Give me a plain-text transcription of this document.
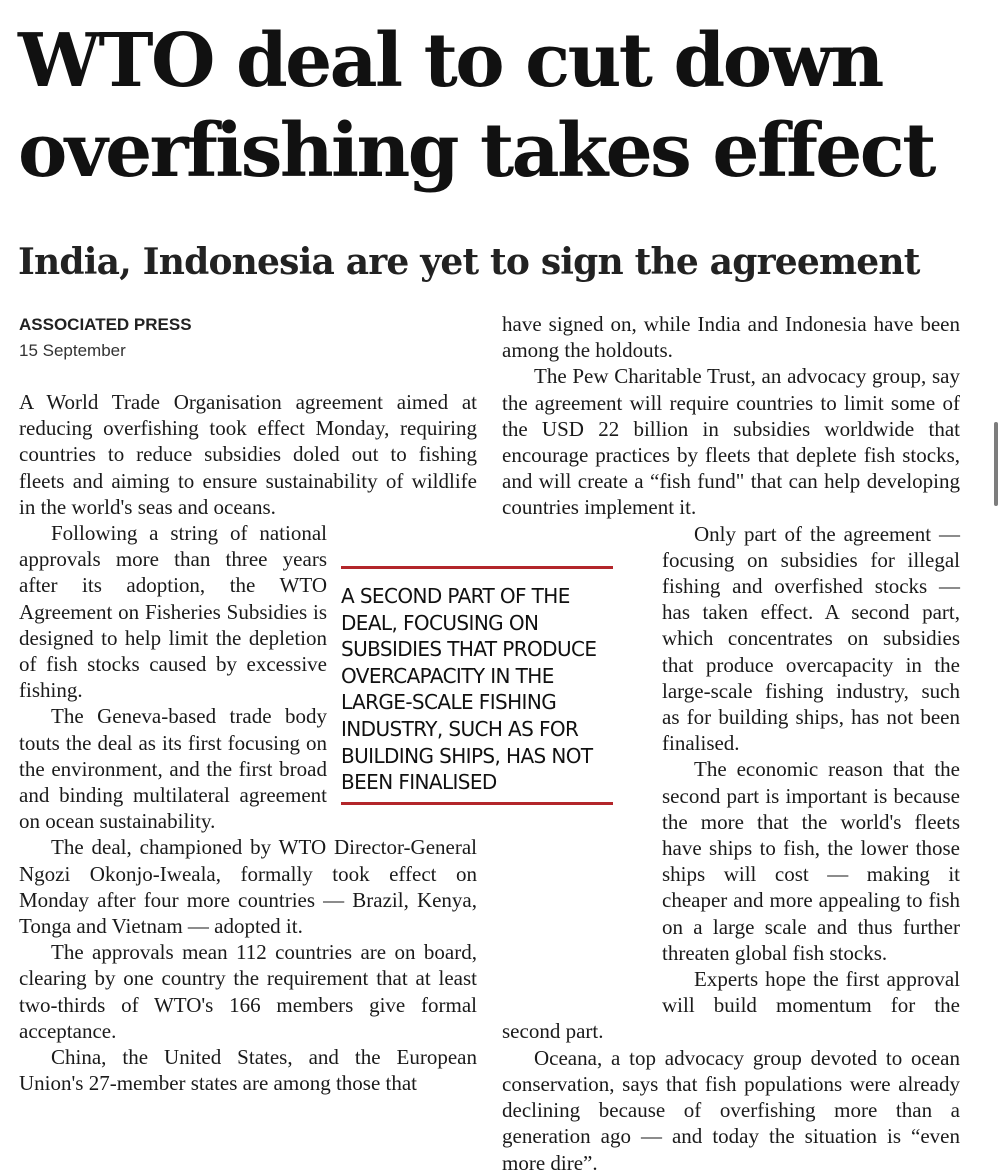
WTO deal to cut down
overfishing takes effect
India, Indonesia are yet to sign the agreement
ASSOCIATED PRESS
15 September

A World Trade Organisation agreement aimed at reducing overfishing took effect Monday, requiring countries to reduce subsidies doled out to fishing fleets and aiming to ensure sustainability of wildlife in the world's seas and oceans.

Following a string of national approvals more than three years after its adoption, the WTO Agreement on Fisheries Subsidies is designed to help limit the depletion of fish stocks caused by excessive fishing.

The Geneva-based trade body touts the deal as its first focusing on the environment, and the first broad and binding multilateral agreement on ocean sustainability.

The deal, championed by WTO Director-General Ngozi Okonjo-Iweala, formally took effect on Monday after four more countries — Brazil, Kenya, Tonga and Vietnam — adopted it.

The approvals mean 112 countries are on board, clearing by one country the requirement that at least two-thirds of WTO's 166 members give formal acceptance.

China, the United States, and the European Union's 27-member states are among those that

have signed on, while India and Indonesia have been among the holdouts.

The Pew Charitable Trust, an advocacy group, say the agreement will require countries to limit some of the USD 22 billion in subsidies worldwide that encourage practices by fleets that deplete fish stocks, and will create a “fish fund" that can help developing countries implement it.

Only part of the agreement — focusing on subsidies for illegal fishing and overfished stocks — has taken effect. A second part, which concentrates on subsidies that produce overcapacity in the large-scale fishing industry, such as for building ships, has not been finalised.

The economic reason that the second part is important is because the more that the world's fleets have ships to fish, the lower those ships will cost — making it cheaper and more appealing to fish on a large scale and thus further threaten global fish stocks.

Experts hope the first approval will build momentum for the second part.

Oceana, a top advocacy group devoted to ocean conservation, says that fish populations were already declining because of overfishing more than a generation ago — and today the situation is “even more dire”.

A SECOND PART OF THE DEAL, FOCUSING ON SUBSIDIES THAT PRODUCE OVERCAPACITY IN THE LARGE-SCALE FISHING INDUSTRY, SUCH AS FOR BUILDING SHIPS, HAS NOT BEEN FINALISED
